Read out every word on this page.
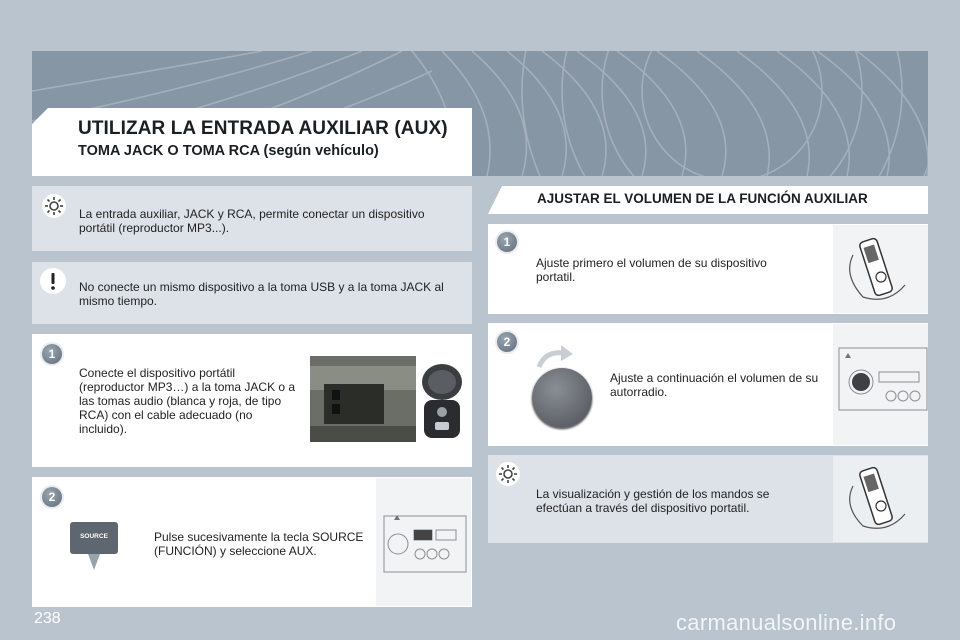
UTILIZAR LA ENTRADA AUXILIAR (AUX)
TOMA JACK O TOMA RCA (según vehículo)
La entrada auxiliar, JACK y RCA, permite conectar un dispositivo portátil (reproductor MP3...).
No conecte un mismo dispositivo a la toma USB y a la toma JACK al mismo tiempo.
1
Conecte el dispositivo portátil (reproductor MP3…) a la toma JACK o a las tomas audio (blanca y roja, de tipo RCA) con el cable adecuado (no incluido).
2
SOURCE	Pulse sucesivamente la tecla SOURCE (FUNCIÓN) y seleccione AUX.
AJUSTAR EL VOLUMEN DE LA FUNCIÓN AUXILIAR
1
Ajuste primero el volumen de su dispositivo portatil.
2
Ajuste a continuación el volumen de su autorradio.
La visualización y gestión de los mandos se efectúan a través del dispositivo portatil.
238	carmanualsonline.info
